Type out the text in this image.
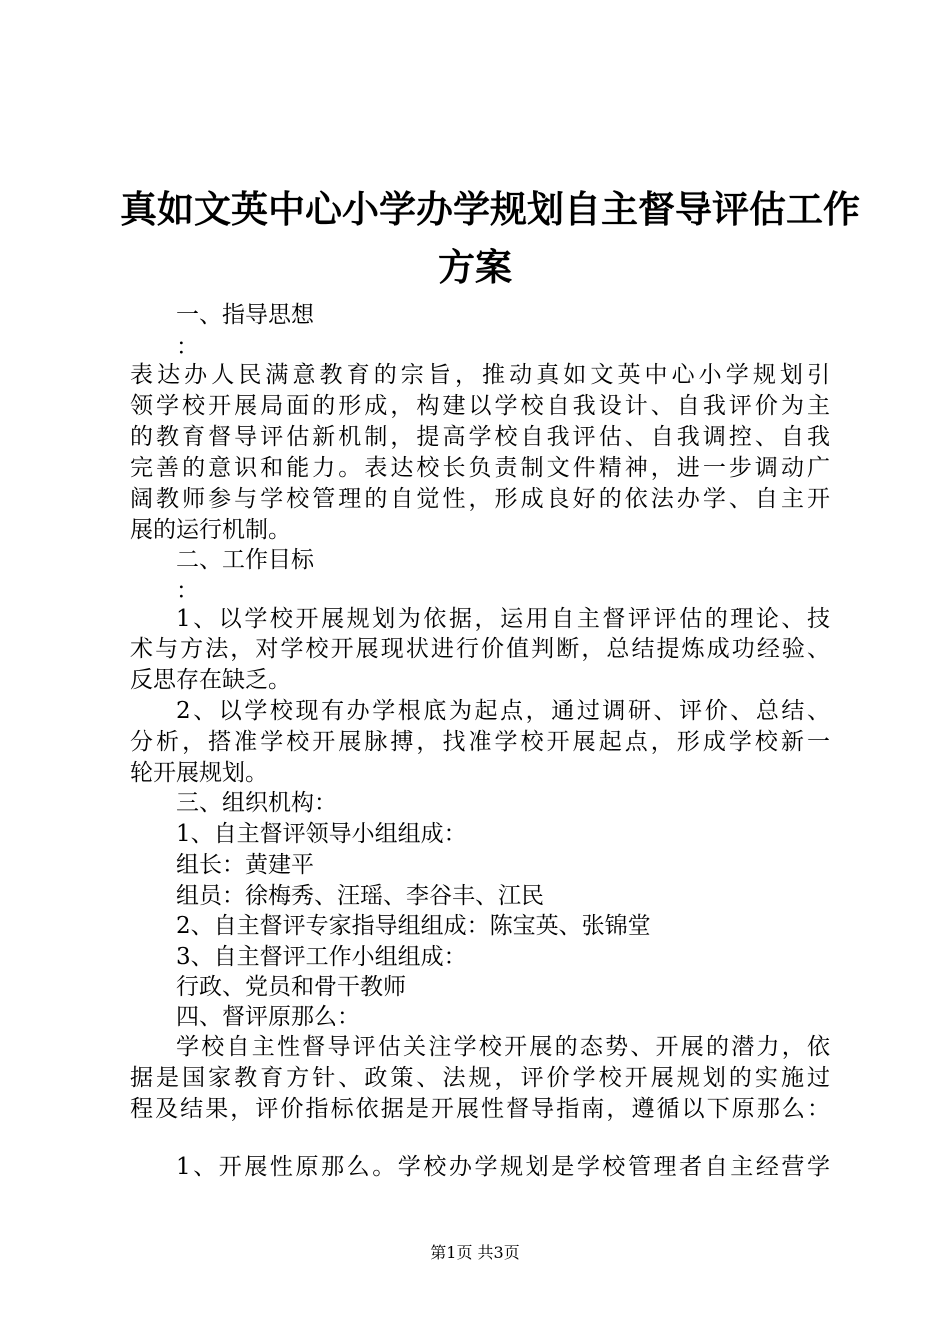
真如文英中心小学办学规划自主督导评估工作
方案
一、指导思想
：
表达办人民满意教育的宗旨，推动真如文英中心小学规划引
领学校开展局面的形成，构建以学校自我设计、自我评价为主
的教育督导评估新机制，提高学校自我评估、自我调控、自我
完善的意识和能力。表达校长负责制文件精神，进一步调动广
阔教师参与学校管理的自觉性，形成良好的依法办学、自主开
展的运行机制。
二、工作目标
：
1、以学校开展规划为依据，运用自主督评评估的理论、技
术与方法，对学校开展现状进行价值判断，总结提炼成功经验、
反思存在缺乏。
2、以学校现有办学根底为起点，通过调研、评价、总结、
分析，搭准学校开展脉搏，找准学校开展起点，形成学校新一
轮开展规划。
三、组织机构：
1、自主督评领导小组组成：
组长：黄建平
组员：徐梅秀、汪瑶、李谷丰、江民
2、自主督评专家指导组组成：陈宝英、张锦堂
3、自主督评工作小组组成：
行政、党员和骨干教师
四、督评原那么：
学校自主性督导评估关注学校开展的态势、开展的潜力，依
据是国家教育方针、政策、法规，评价学校开展规划的实施过
程及结果，评价指标依据是开展性督导指南，遵循以下原那么：
1、开展性原那么。学校办学规划是学校管理者自主经营学
第1页 共3页
